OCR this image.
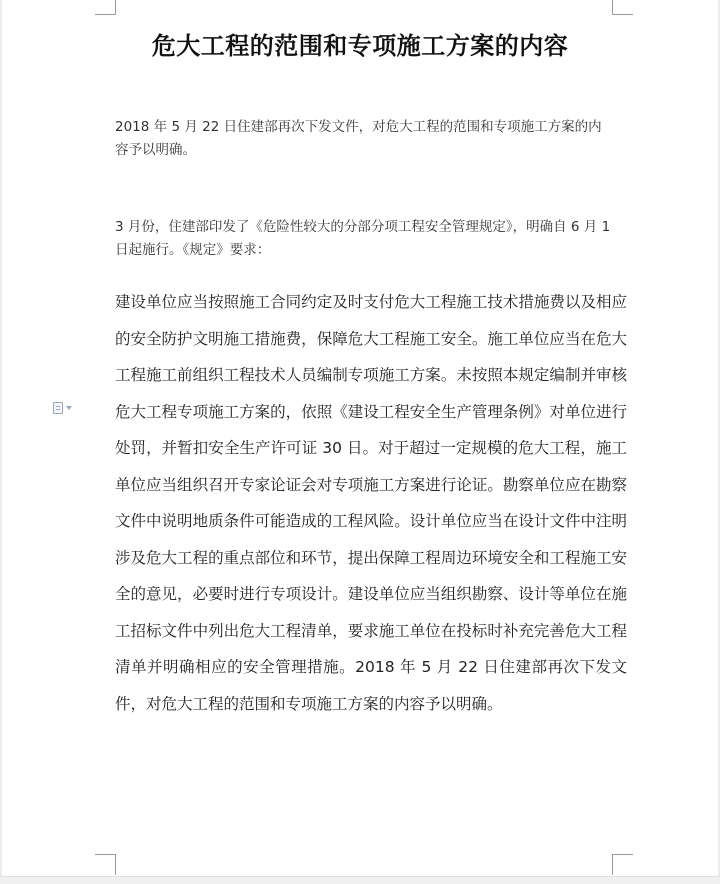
危大工程的范围和专项施工方案的内容

2018 年 5 月 22 日住建部再次下发文件，对危大工程的范围和专项施工方案的内容予以明确。

3 月份，住建部印发了《危险性较大的分部分项工程安全管理规定》，明确自 6 月 1 日起施行。《规定》要求：

建设单位应当按照施工合同约定及时支付危大工程施工技术措施费以及相应的安全防护文明施工措施费，保障危大工程施工安全。施工单位应当在危大工程施工前组织工程技术人员编制专项施工方案。未按照本规定编制并审核危大工程专项施工方案的，依照《建设工程安全生产管理条例》对单位进行处罚，并暂扣安全生产许可证 30 日。对于超过一定规模的危大工程，施工单位应当组织召开专家论证会对专项施工方案进行论证。勘察单位应在勘察文件中说明地质条件可能造成的工程风险。设计单位应当在设计文件中注明涉及危大工程的重点部位和环节，提出保障工程周边环境安全和工程施工安全的意见，必要时进行专项设计。建设单位应当组织勘察、设计等单位在施工招标文件中列出危大工程清单，要求施工单位在投标时补充完善危大工程清单并明确相应的安全管理措施。2018 年 5 月 22 日住建部再次下发文件，对危大工程的范围和专项施工方案的内容予以明确。
